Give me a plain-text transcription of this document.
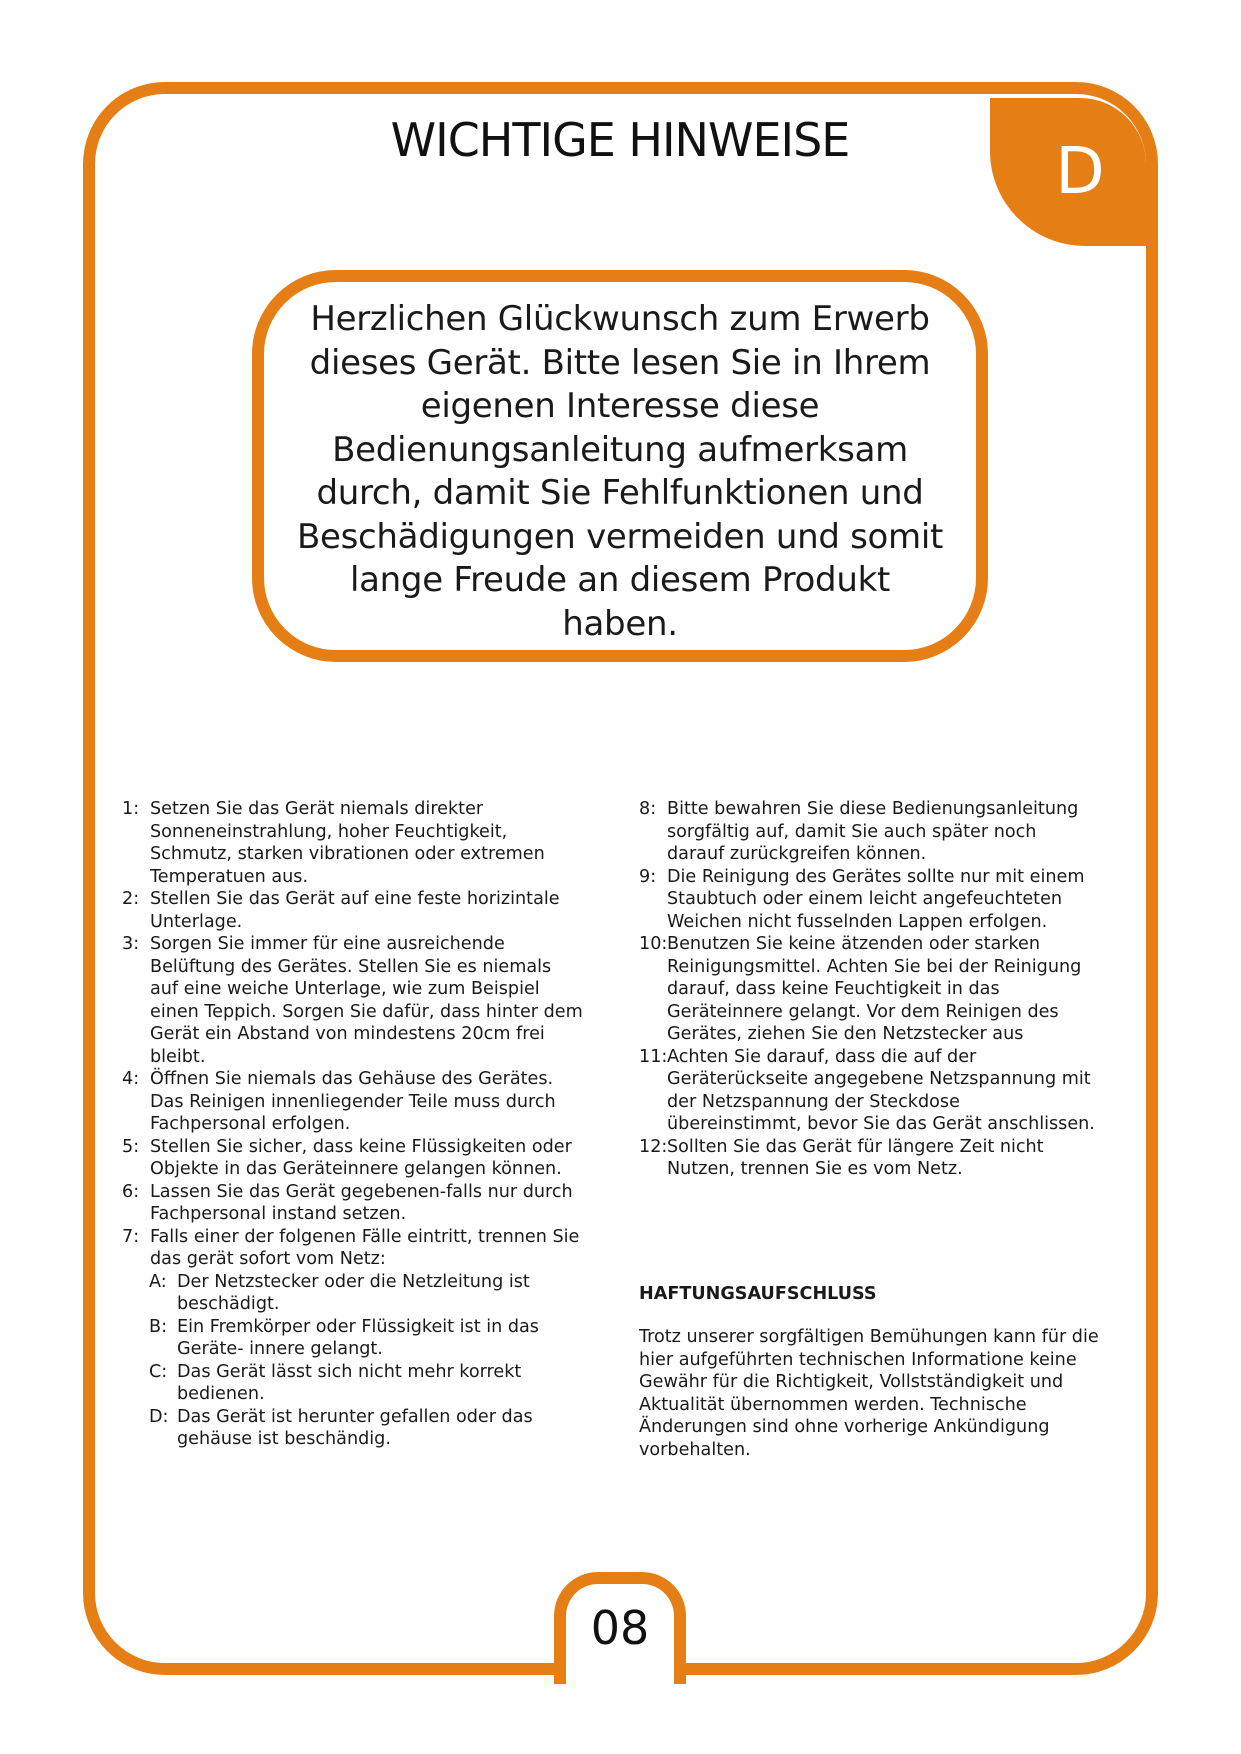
D
WICHTIGE HINWEISE
Herzlichen Glückwunsch zum Erwerb dieses Gerät. Bitte lesen Sie in Ihrem eigenen Interesse diese Bedienungsanleitung aufmerksam durch, damit Sie Fehlfunktionen und Beschädigungen vermeiden und somit lange Freude an diesem Produkt haben.
1: Setzen Sie das Gerät niemals direkter Sonneneinstrahlung, hoher Feuchtigkeit, Schmutz, starken vibrationen oder extremen Temperatuen aus.
2: Stellen Sie das Gerät auf eine feste horizintale Unterlage.
3: Sorgen Sie immer für eine ausreichende Belüftung des Gerätes. Stellen Sie es niemals auf eine weiche Unterlage, wie zum Beispiel einen Teppich. Sorgen Sie dafür, dass hinter dem Gerät ein Abstand von mindestens 20cm frei bleibt.
4: Öffnen Sie niemals das Gehäuse des Gerätes. Das Reinigen innenliegender Teile muss durch Fachpersonal erfolgen.
5: Stellen Sie sicher, dass keine Flüssigkeiten oder Objekte in das Geräteinnere gelangen können.
6: Lassen Sie das Gerät gegebenen-falls nur durch Fachpersonal instand setzen.
7: Falls einer der folgenen Fälle eintritt, trennen Sie das gerät sofort vom Netz:
A: Der Netzstecker oder die Netzleitung ist beschädigt.
B: Ein Fremkörper oder Flüssigkeit ist in das Geräte- innere gelangt.
C: Das Gerät lässt sich nicht mehr korrekt bedienen.
D: Das Gerät ist herunter gefallen oder das gehäuse ist beschändig.
8: Bitte bewahren Sie diese Bedienungsanleitung sorgfältig auf, damit Sie auch später noch darauf zurückgreifen können.
9: Die Reinigung des Gerätes sollte nur mit einem Staubtuch oder einem leicht angefeuchteten Weichen nicht fusselnden Lappen erfolgen.
10: Benutzen Sie keine ätzenden oder starken Reinigungsmittel. Achten Sie bei der Reinigung darauf, dass keine Feuchtigkeit in das Geräteinnere gelangt. Vor dem Reinigen des Gerätes, ziehen Sie den Netzstecker aus
11: Achten Sie darauf, dass die auf der Geräterückseite angegebene Netzspannung mit der Netzspannung der Steckdose übereinstimmt, bevor Sie das Gerät anschlissen.
12: Sollten Sie das Gerät für längere Zeit nicht Nutzen, trennen Sie es vom Netz.
HAFTUNGSAUFSCHLUSS
Trotz unserer sorgfältigen Bemühungen kann für die hier aufgeführten technischen Informatione keine Gewähr für die Richtigkeit, Vollstständigkeit und Aktualität übernommen werden. Technische Änderungen sind ohne vorherige Ankündigung vorbehalten.
08
